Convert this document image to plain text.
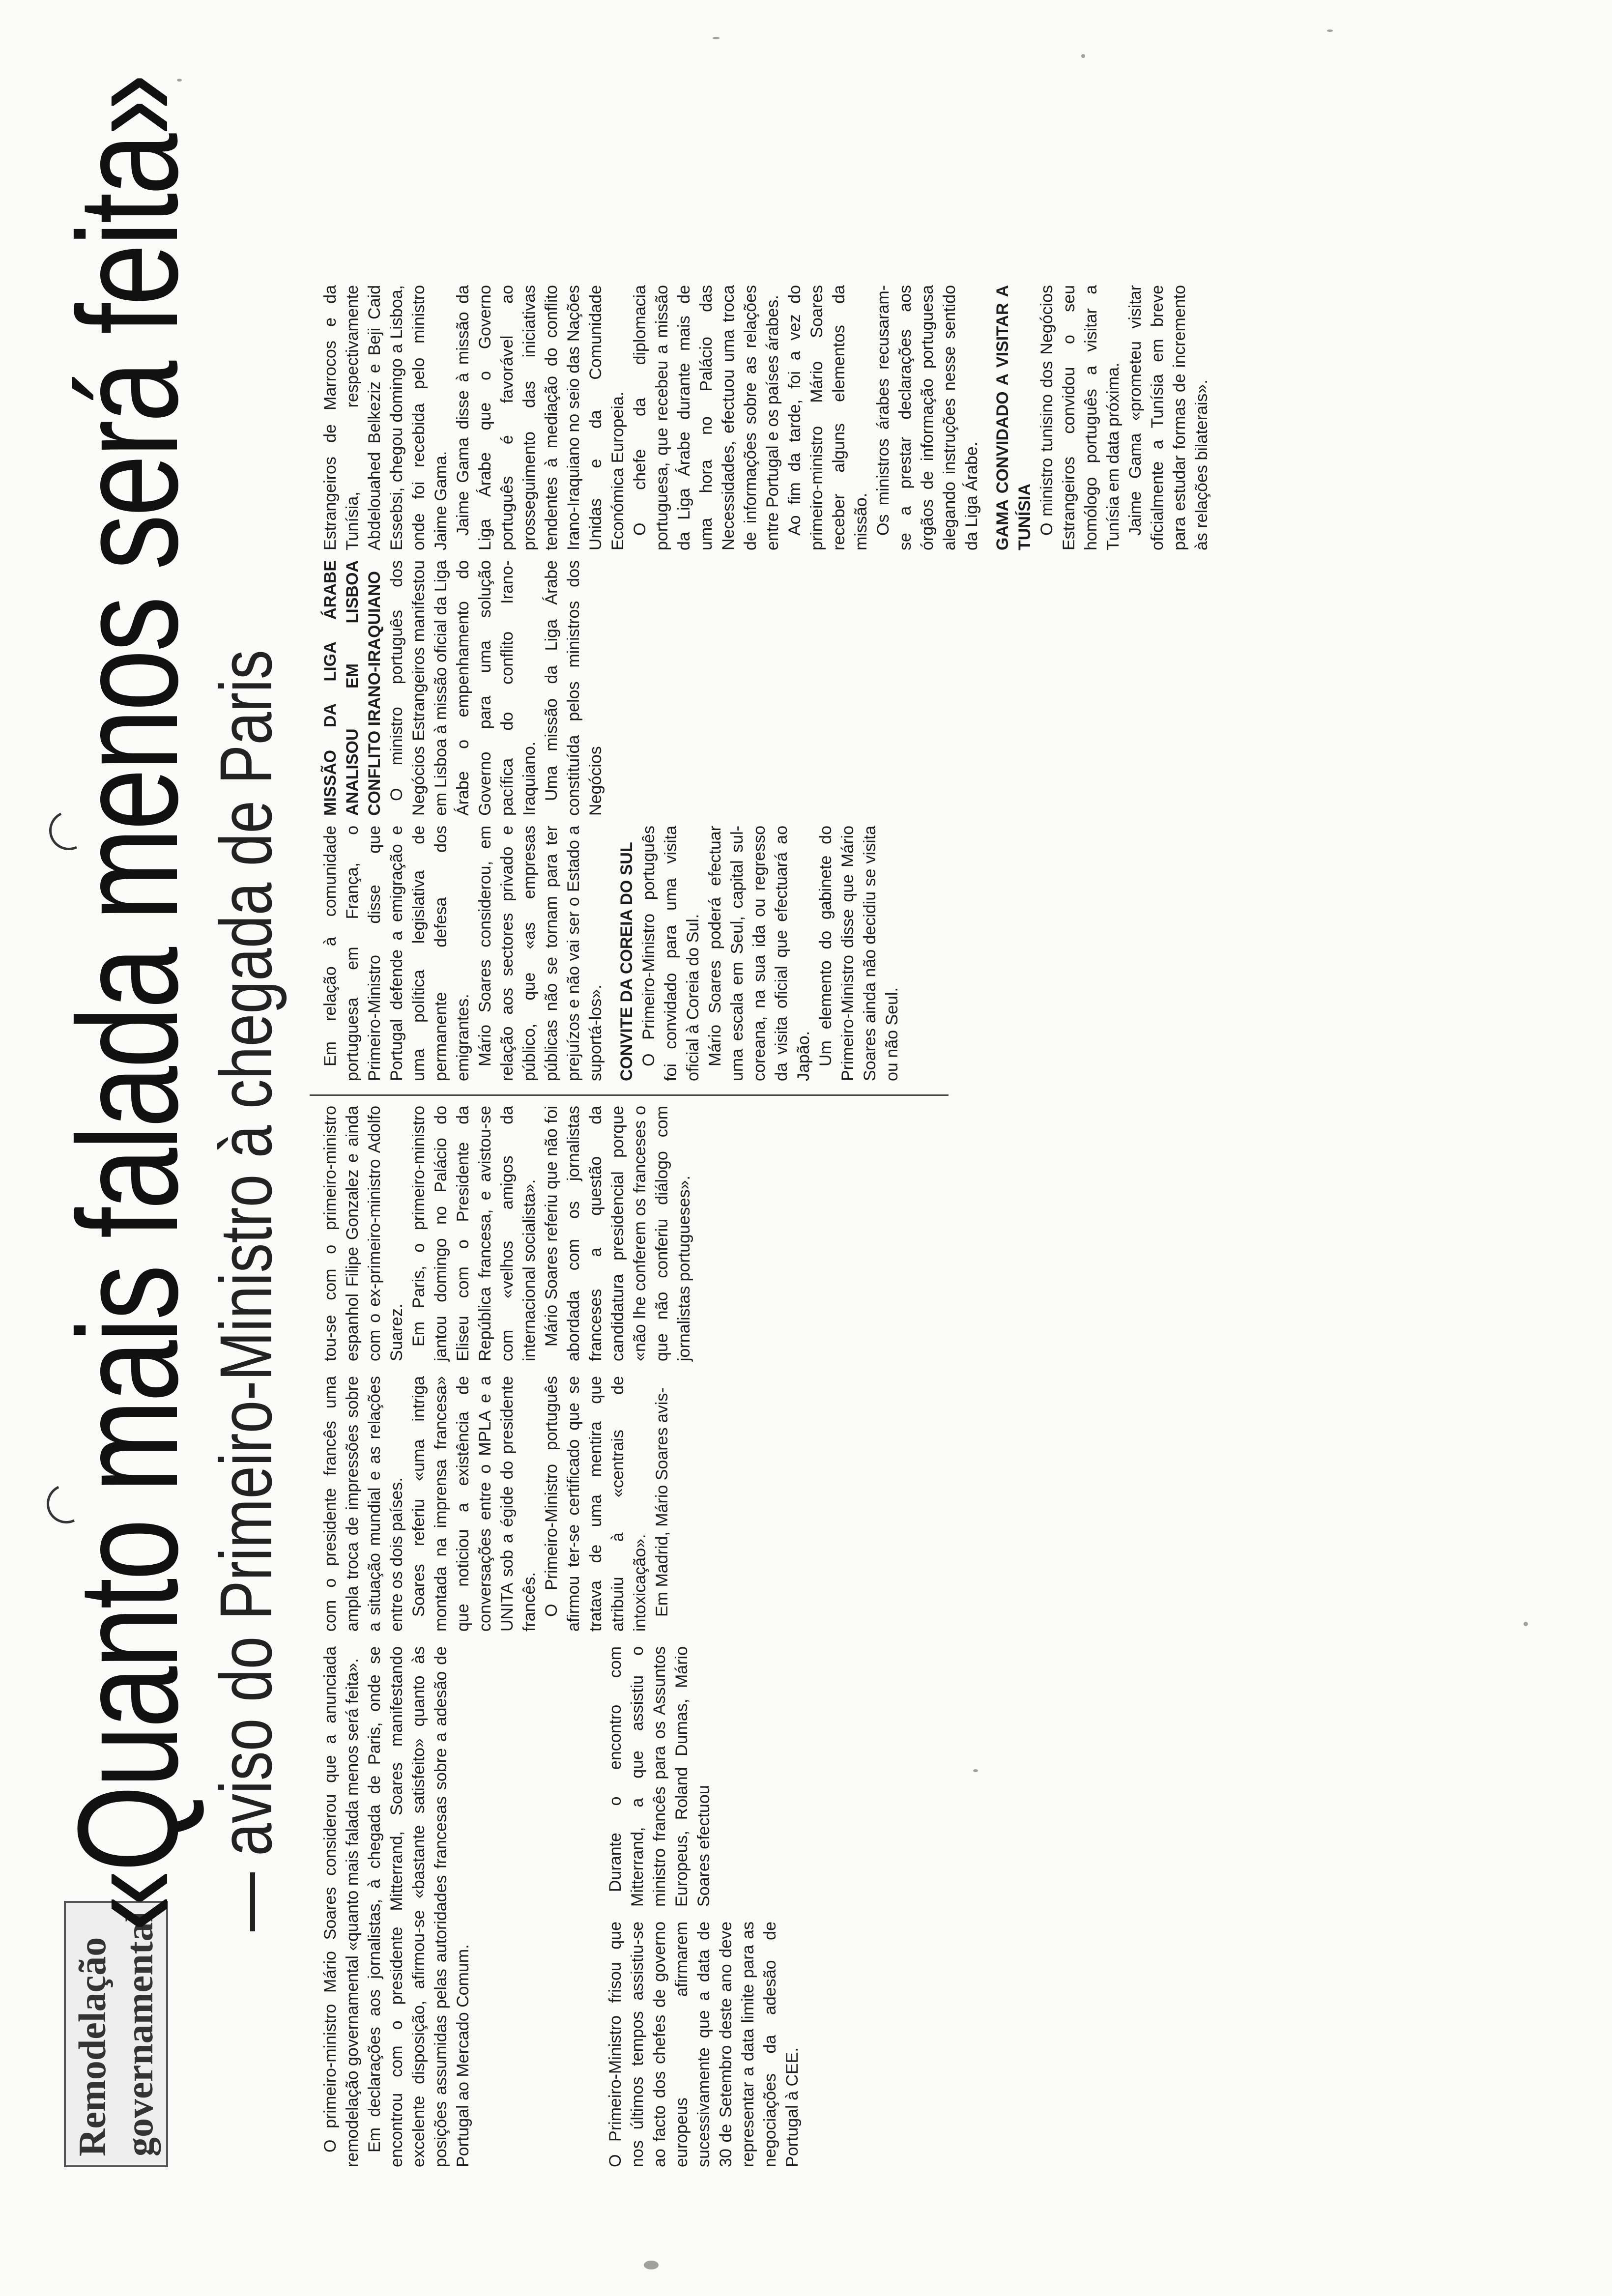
Remodelação governamental
«Quanto mais falada menos será feita»
— aviso do Primeiro-Ministro à chegada de Paris O primeiro-ministro Mário Soares considerou que a anunciada remodelação governamental «quanto mais falada menos será feita». Em declarações aos jornalistas, à chegada de Paris, onde se encontrou com o presidente Mitterrand, Soares manifestando excelente disposição, afirmou-se «bastante satisfeito» quanto às posições assumidas pelas autoridades francesas sobre a adesão de Portugal ao Mercado Comum.	O Primeiro-Ministro frisou que nos últimos tempos assistiu-se ao facto dos chefes de governo europeus afirmarem sucessivamente que a data de 30 de Setembro deste ano deve representar a data limite para as negociações da adesão de Portugal à CEE.

Durante o encontro com Mitterrand, a que assistiu o ministro francês para os Assuntos Europeus, Roland Dumas, Mário Soares efectuou

com o presidente francês uma ampla troca de impressões sobre a situação mundial e as relações entre os dois países. Soares referiu «uma intriga montada na imprensa francesa» que noticiou a existência de conversações entre o MPLA e a UNITA sob a égide do presidente francês. O Primeiro-Ministro português afirmou ter-se certificado que se tratava de uma mentira que atribuiu à «centrais de intoxicação». Em Madrid, Mário Soares avis-

tou-se com o primeiro-ministro espanhol Filipe Gonzalez e ainda com o ex-primeiro-ministro Adolfo Suarez. Em Paris, o primeiro-ministro jantou domingo no Palácio do Eliseu com o Presidente da República francesa, e avistou-se com «velhos amigos da internacional socialista». Mário Soares referiu que não foi abordada com os jornalistas franceses a questão da candidatura presidencial porque «não lhe conferem os franceses o que não conferiu diálogo com jornalistas portugueses».

Em relação à comunidade portuguesa em França, o Primeiro-Ministro disse que Portugal defende a emigração e uma política legislativa de permanente defesa dos emigrantes. Mário Soares considerou, em relação aos sectores privado e público, que «as empresas públicas não se tornam para ter prejuízos e não vai ser o Estado a suportá-los». CONVITE DA COREIA DO SUL O Primeiro-Ministro português foi convidado para uma visita oficial à Coreia do Sul. Mário Soares poderá efectuar uma escala em Seul, capital sul-coreana, na sua ida ou regresso da visita oficial que efectuará ao Japão. Um elemento do gabinete do Primeiro-Ministro disse que Mário Soares ainda não decidiu se visita ou não Seul.

MISSÃO DA LIGA ÁRABE ANALISOU EM LISBOA CONFLITO IRANO-IRAQUIANO O ministro português dos Negócios Estrangeiros manifestou em Lisboa à missão oficial da Liga Árabe o empenhamento do Governo para uma solução pacífica do conflito Irano-Iraquiano. Uma missão da Liga Árabe constituída pelos ministros dos Negócios

Estrangeiros de Marrocos e da Tunísia, respectivamente Abdelouahed Belkeziz e Beji Caid Essebsi, chegou domingo a Lisboa, onde foi recebida pelo ministro Jaime Gama. Jaime Gama disse à missão da Liga Árabe que o Governo português é favorável ao prosseguimento das iniciativas tendentes à mediação do conflito Irano-Iraquiano no seio das Nações Unidas e da Comunidade Económica Europeia. O chefe da diplomacia portuguesa, que recebeu a missão da Liga Árabe durante mais de uma hora no Palácio das Necessidades, efectuou uma troca de informações sobre as relações entre Portugal e os países árabes. Ao fim da tarde, foi a vez do primeiro-ministro Mário Soares receber alguns elementos da missão. Os ministros árabes recusaram-se a prestar declarações aos órgãos de informação portuguesa alegando instruções nesse sentido da Liga Árabe. GAMA CONVIDADO A VISITAR A TUNÍSIA O ministro tunisino dos Negócios Estrangeiros convidou o seu homólogo português a visitar a Tunísia em data próxima. Jaime Gama «prometeu visitar oficialmente a Tunísia em breve para estudar formas de incremento às relações bilaterais».
